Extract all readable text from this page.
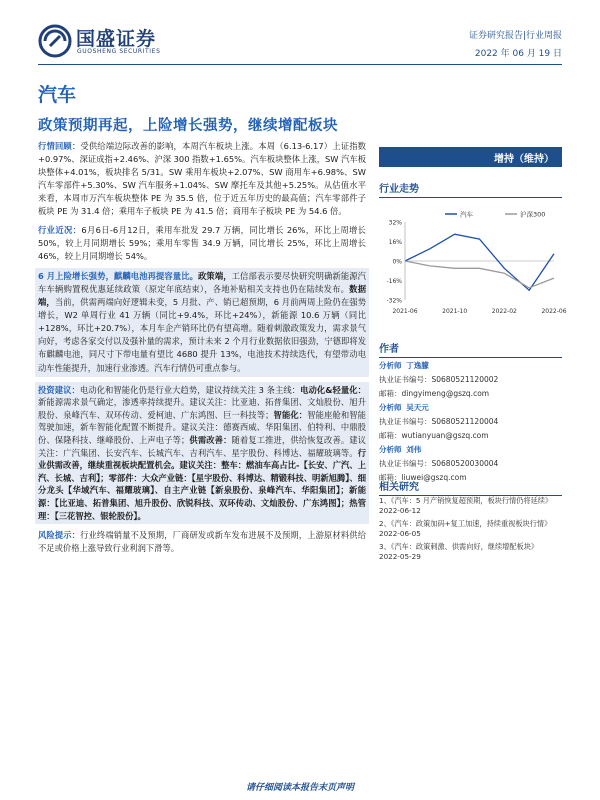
国盛证券
GUOSHENG SECURITIES
证券研究报告|行业周报
2022 年 06 月 19 日
汽车
政策预期再起，上险增长强势，继续增配板块

行情回顾：受供给端边际改善的影响，本周汽车板块上涨。本周（6.13-6.17）上证指数+0.97%、深证成指+2.46%、沪深 300 指数+1.65%。汽车板块整体上涨，SW 汽车板块整体+4.01%，板块排名 5/31。SW 乘用车板块+2.07%、SW 商用车+6.98%、SW 汽车零部件+5.30%、SW 汽车服务+1.04%、SW 摩托车及其他+5.25%。从估值水平来看，本周市万汽车板块整体 PE 为 35.5 倍，位于近五年历史的最高值；汽车零部件子板块 PE 为 31.4 倍；乘用车子板块 PE 为 41.5 倍；商用车子板块 PE 为 54.6 倍。

行业近况：6月6日-6月12日，乘用车批发 29.7 万辆，同比增长 26%，环比上周增长 50%，较上月同期增长 59%；乘用车零售 34.9 万辆，同比增长 25%，环比上周增长 46%，较上月同期增长 54%。

6 月上险增长强势，麒麟电池再提容量比。政策端，工信部表示要尽快研究明确新能源汽车车辆购置税优惠延续政策（原定年底结束），各地补贴相关支持也仍在陆续发布。数据端，当前，供需两端向好逻辑未变，5 月批、产、销已超预期，6 月前两周上险仍在强势增长，W2 单周行业 41 万辆（同比+9.4%，环比+24%），新能源 10.6 万辆（同比+128%，环比+20.7%），本月车企产销环比仍有望高增。随着刺激政策发力，需求景气向好，考虑各家交付以及强补量的需求，预计未来 2 个月行业数据依旧强劲，宁德即将发布麒麟电池，同尺寸下带电量有望比 4680 提升 13%，电池技术持续迭代，有望带动电动车性能提升，加速行业渗透。汽车行情仍可重点参与。

投资建议：电动化和智能化仍是行业大趋势，建议持续关注 3 条主线：电动化&轻量化：新能源需求景气确定，渗透率持续提升。建议关注：比亚迪、拓普集团、文灿股份、旭升股份、泉峰汽车、双环传动、爱柯迪、广东鸿图、巨一科技等；智能化：智能座舱和智能驾驶加速，新车智能化配置不断提升。建议关注：德赛西威、华阳集团、伯特利、中鼎股份、保隆科技、继峰股份、上声电子等；供需改善：随着复工推进，供给恢复改善。建议关注：广汽集团、长安汽车、长城汽车、吉利汽车、星宇股份、科博达、福耀玻璃等。行业供需改善，继续重视板块配置机会。建议关注：整车：燃油车高占比-【长安、广汽、上汽、长城、吉利】；零部件：大众产业链：【星宇股份、科博达、精锻科技、明新旭腾】、细分龙头【华域汽车、福耀玻璃】、自主产业链【新泉股份、泉峰汽车、华阳集团】；新能源：【比亚迪、拓普集团、旭升股份、欣锐科技、双环传动、文灿股份、广东鸿图】；热管理：【三花智控、银轮股份】。

风险提示：行业终端销量不及预期，厂商研发或新车发布进展不及预期，上游原材料供给不足或价格上涨导致行业利润下滑等。

增持（维持）
行业走势
32%
16%
0%
-16%
-32%
2021-06	2021-10	2022-02	2022-06
汽车	沪深300
作者
分析师 丁逸朦
执业证书编号：S0680521120002
邮箱：dingyimeng@gszq.com
分析师 吴天元
执业证书编号：S0680521120004
邮箱：wutianyuan@gszq.com
分析师 刘伟
执业证书编号：S0680520030004
邮箱：liuwei@gszq.com
相关研究
1、《汽车：5 月产销恢复超预期，板块行情仍将延续》
2022-06-12
2、《汽车：政策加码+复工加速，持续重视板块行情》
2022-06-05
3、《汽车：政策刺激、供需向好，继续增配板块》
2022-05-29
请仔细阅读本报告末页声明
